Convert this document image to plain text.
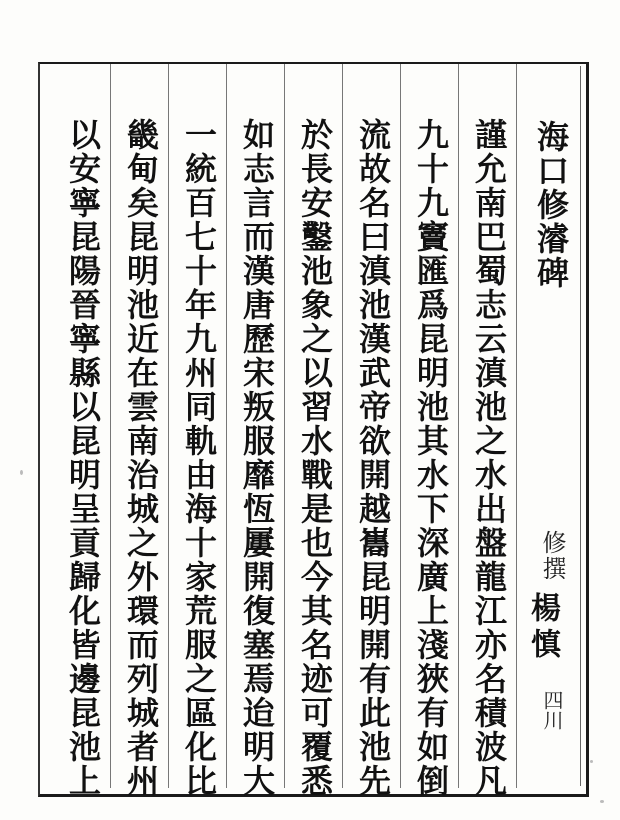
海口修濬碑
修撰
楊慎
四川
謹允南巴蜀志云滇池之水出盤龍江亦名積波凡
九十九竇匯爲昆明池其水下深廣上淺狹有如倒
流故名曰滇池漢武帝欲開越巂昆明開有此池先
於長安鑿池象之以習水戰是也今其名迹可覆悉
如志言而漢唐歷宋叛服靡恆屢開復塞焉迨明大
一統百七十年九州同軌由海十家荒服之區化比
畿甸矣昆明池近在雲南治城之外環而列城者州
以安寧昆陽晉寧縣以昆明呈貢歸化皆邊昆池上
